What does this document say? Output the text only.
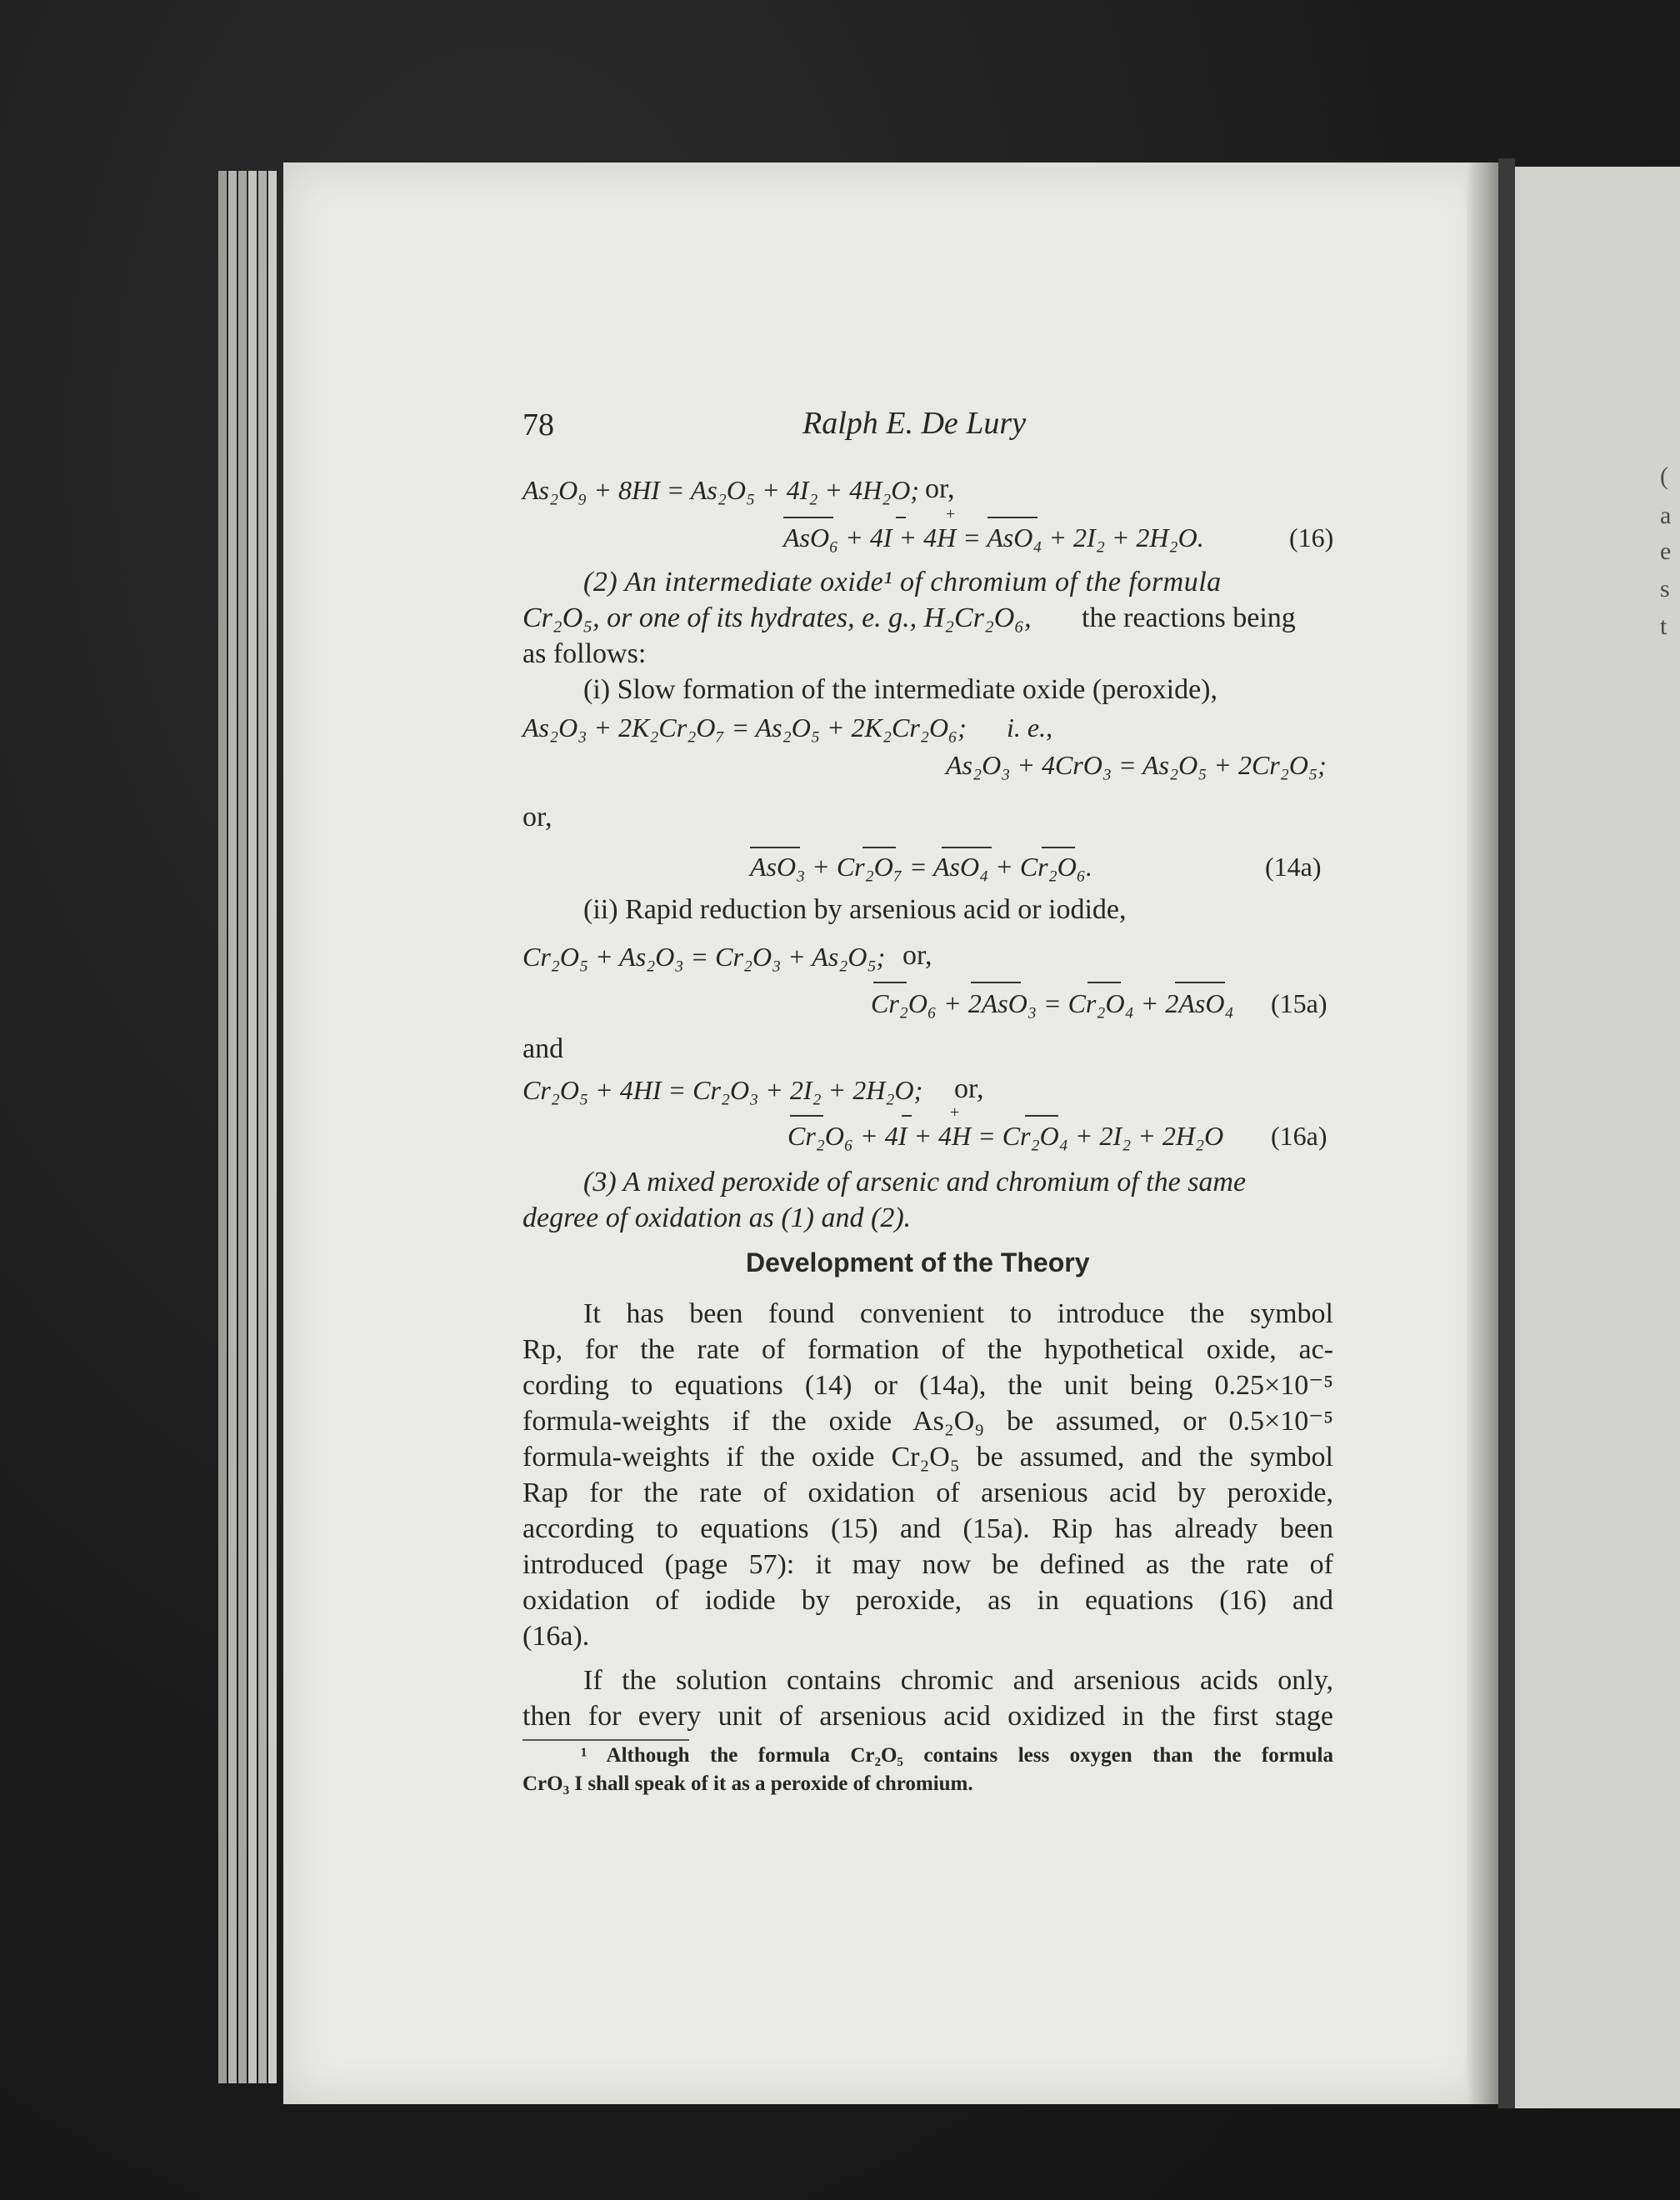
(
a
e
s
t
78	Ralph E. De Lury
As₂O₉ + 8HI = As₂O₅ + 4I₂ + 4H₂O; or,
+
AsO₆ + 4I + 4H = AsO₄ + 2I₂ + 2H₂O.	(16)
(2) An intermediate oxide¹ of chromium of the formula
Cr₂O₅, or one of its hydrates, e. g., H₂Cr₂O₆, the reactions being
as follows:
(i) Slow formation of the intermediate oxide (peroxide),
As₂O₃ + 2K₂Cr₂O₇ = As₂O₅ + 2K₂Cr₂O₆; i. e.,
As₂O₃ + 4CrO₃ = As₂O₅ + 2Cr₂O₅;
or,
AsO₃ + Cr₂O₇ = AsO₄ + Cr₂O₆.	(14a)
(ii) Rapid reduction by arsenious acid or iodide,
Cr₂O₅ + As₂O₃ = Cr₂O₃ + As₂O₅; or,
Cr₂O₆ + 2AsO₃ = Cr₂O₄ + 2AsO₄ (15a)
and
Cr₂O₅ + 4HI = Cr₂O₃ + 2I₂ + 2H₂O; or,
+
Cr₂O₆ + 4I + 4H = Cr₂O₄ + 2I₂ + 2H₂O (16a)
(3) A mixed peroxide of arsenic and chromium of the same
degree of oxidation as (1) and (2).
Development of the Theory
It has been found convenient to introduce the symbol
Rp, for the rate of formation of the hypothetical oxide, ac-
cording to equations (14) or (14a), the unit being 0.25×10⁻⁵
formula-weights if the oxide As₂O₉ be assumed, or 0.5×10⁻⁵
formula-weights if the oxide Cr₂O₅ be assumed, and the symbol
Rap for the rate of oxidation of arsenious acid by peroxide,
according to equations (15) and (15a). Rip has already been
introduced (page 57): it may now be defined as the rate of
oxidation of iodide by peroxide, as in equations (16) and
(16a).
If the solution contains chromic and arsenious acids only,
then for every unit of arsenious acid oxidized in the first stage
¹ Although the formula Cr₂O₅ contains less oxygen than the formula
CrO₃ I shall speak of it as a peroxide of chromium.
